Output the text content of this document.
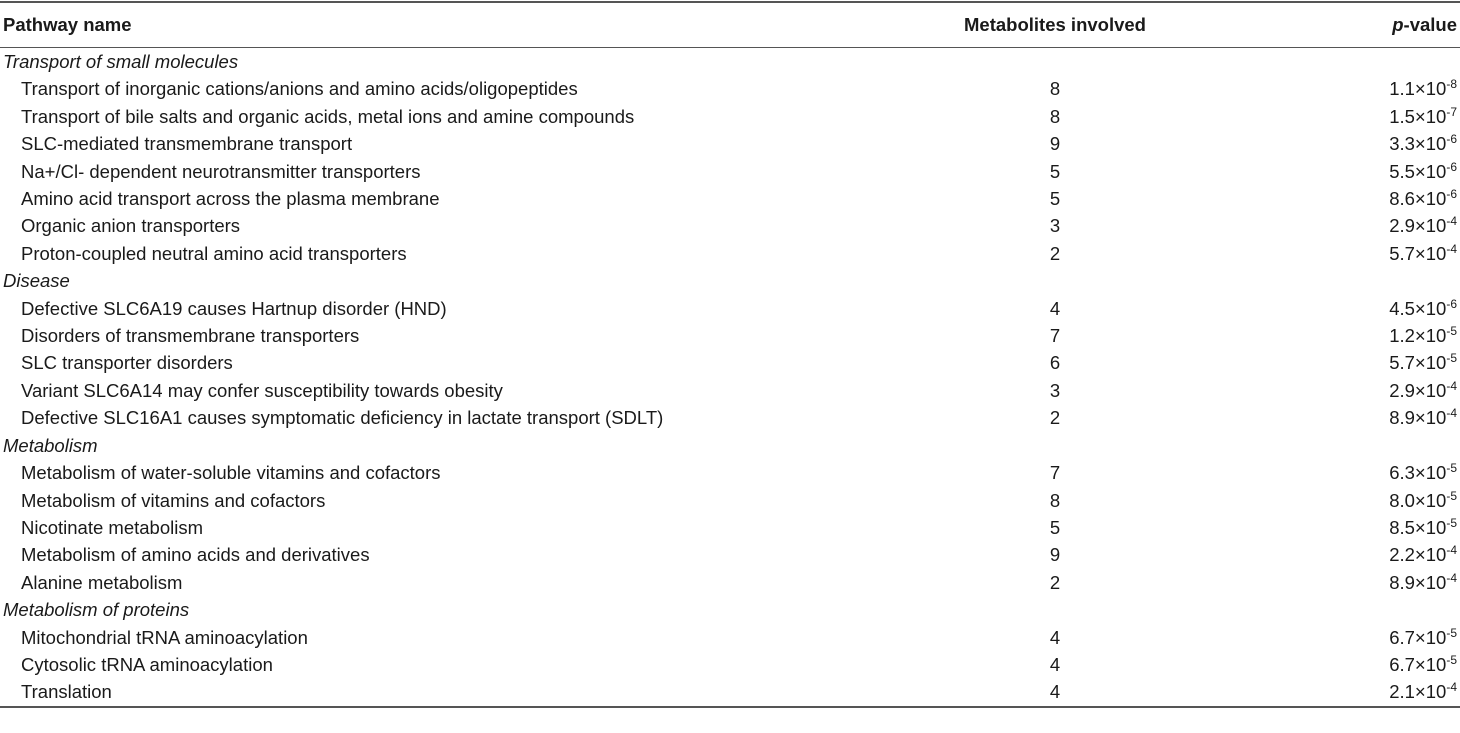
Pathway name	Metabolites involved	p-value

Transport of small molecules		
Transport of inorganic cations/anions and amino acids/oligopeptides	8	$1.1\times 10^{-8}$
Transport of bile salts and organic acids, metal ions and amine compounds	8	$1.5\times 10^{-7}$
SLC-mediated transmembrane transport	9	$3.3\times 10^{-6}$
Na+/Cl- dependent neurotransmitter transporters	5	$5.5\times 10^{-6}$
Amino acid transport across the plasma membrane	5	$8.6\times 10^{-6}$
Organic anion transporters	3	$2.9\times 10^{-4}$
Proton-coupled neutral amino acid transporters	2	$5.7\times 10^{-4}$
Disease		
Defective SLC6A19 causes Hartnup disorder (HND)	4	$4.5\times 10^{-6}$
Disorders of transmembrane transporters	7	$1.2\times 10^{-5}$
SLC transporter disorders	6	$5.7\times 10^{-5}$
Variant SLC6A14 may confer susceptibility towards obesity	3	$2.9\times 10^{-4}$
Defective SLC16A1 causes symptomatic deficiency in lactate transport (SDLT)	2	$8.9\times 10^{-4}$
Metabolism		
Metabolism of water-soluble vitamins and cofactors	7	$6.3\times 10^{-5}$
Metabolism of vitamins and cofactors	8	$8.0\times 10^{-5}$
Nicotinate metabolism	5	$8.5\times 10^{-5}$
Metabolism of amino acids and derivatives	9	$2.2\times 10^{-4}$
Alanine metabolism	2	$8.9\times 10^{-4}$
Metabolism of proteins		
Mitochondrial tRNA aminoacylation	4	$6.7\times 10^{-5}$
Cytosolic tRNA aminoacylation	4	$6.7\times 10^{-5}$
Translation	4	$2.1\times 10^{-4}$
